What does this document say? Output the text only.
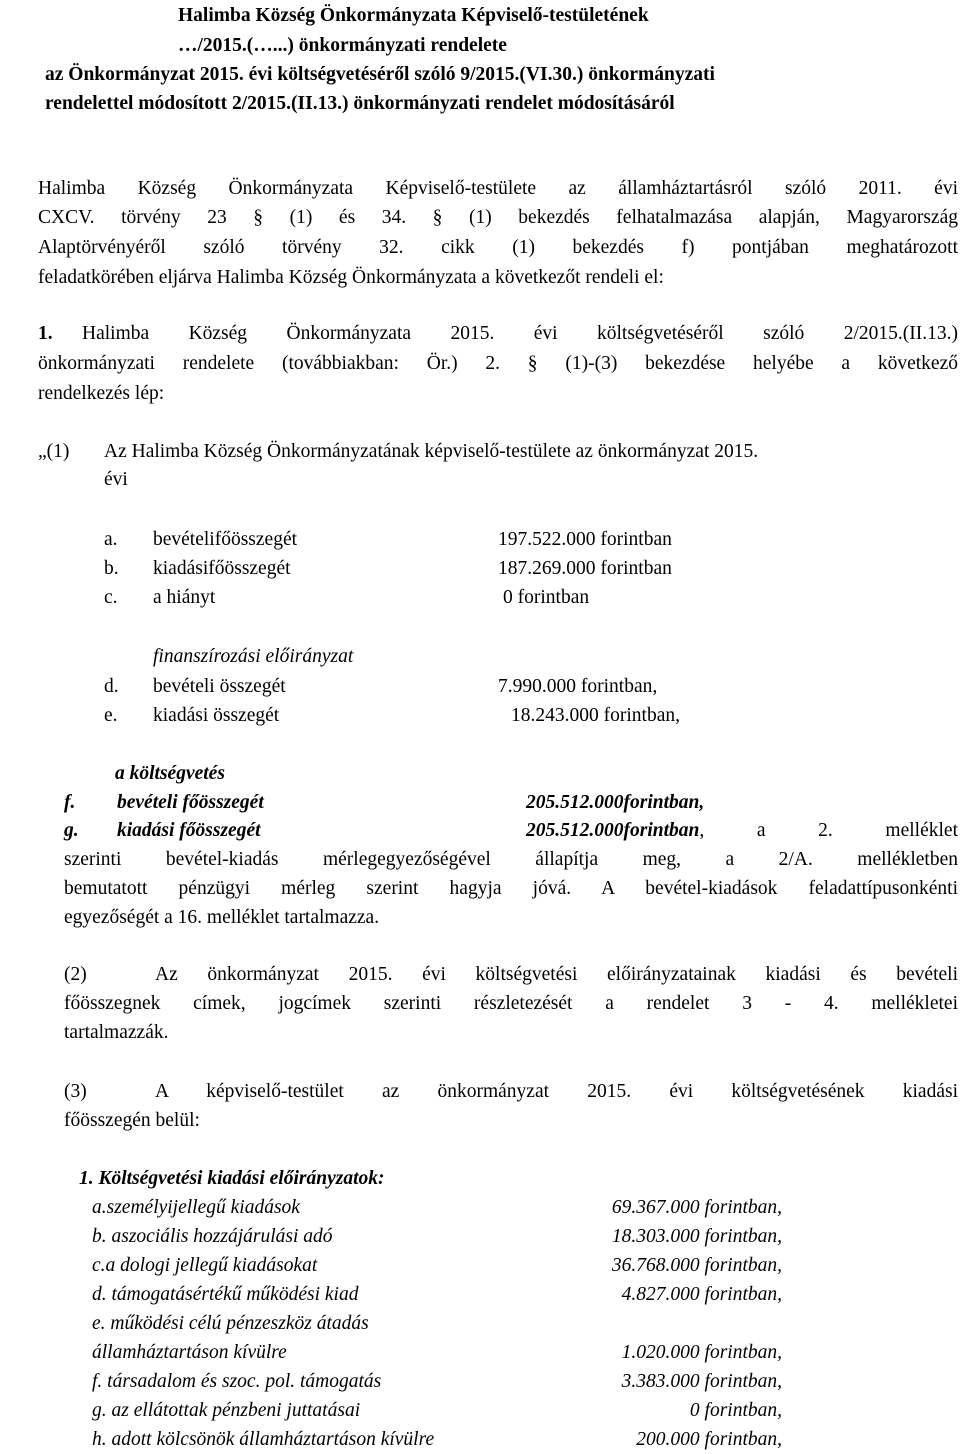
Halimba Község Önkormányzata Képviselő-testületének
…/2015.(…...) önkormányzati rendelete
az Önkormányzat 2015. évi költségvetéséről szóló 9/2015.(VI.30.) önkormányzati
rendelettel módosított 2/2015.(II.13.) önkormányzati rendelet módosításáról
Halimba Község Önkormányzata Képviselő-testülete az államháztartásról szóló 2011. évi
CXCV. törvény 23 § (1) és 34. § (1) bekezdés felhatalmazása alapján, Magyarország
Alaptörvényéről szóló törvény 32. cikk (1) bekezdés f) pontjában meghatározott
feladatkörében eljárva Halimba Község Önkormányzata a következőt rendeli el:
1. Halimba Község Önkormányzata 2015. évi költségvetéséről szóló 2/2015.(II.13.)
önkormányzati rendelete (továbbiakban: Ör.) 2. § (1)-(3) bekezdése helyébe a következő
rendelkezés lép:
„(1) Az Halimba Község Önkormányzatának képviselő-testülete az önkormányzat 2015.
évi
a. bevételifőösszegét	197.522.000 forintban
b. kiadásifőösszegét	187.269.000 forintban
c. a hiányt	0 forintban
finanszírozási előirányzat
d. bevételi összegét	7.990.000 forintban,
e. kiadási összegét	18.243.000 forintban,
a költségvetés
f. bevételi főösszegét	205.512.000forintban,
g. kiadási főösszegét	205.512.000forintban , a 2. melléklet
szerinti bevétel-kiadás mérlegegyezőségével állapítja meg, a 2/A. mellékletben
bemutatott pénzügyi mérleg szerint hagyja jóvá. A bevétel-kiadások feladattípusonkénti
egyezőségét a 16. melléklet tartalmazza.
(2)	Az önkormányzat 2015. évi költségvetési előirányzatainak kiadási és bevételi
főösszegnek címek, jogcímek szerinti részletezését a rendelet 3 - 4. mellékletei
tartalmazzák.
(3)	A képviselő-testület az önkormányzat 2015. évi költségvetésének kiadási
főösszegén belül:
1. Költségvetési kiadási előirányzatok:
a.személyijellegű kiadások	69.367.000 forintban,
b. aszociális hozzájárulási adó	18.303.000 forintban,
c.a dologi jellegű kiadásokat	36.768.000 forintban,
d. támogatásértékű működési kiad	4.827.000 forintban,
e. működési célú pénzeszköz átadás
államháztartáson kívülre	1.020.000 forintban,
f. társadalom és szoc. pol. támogatás	3.383.000 forintban,
g. az ellátottak pénzbeni juttatásai	0 forintban,
h. adott kölcsönök államháztartáson kívülre	200.000 forintban,
